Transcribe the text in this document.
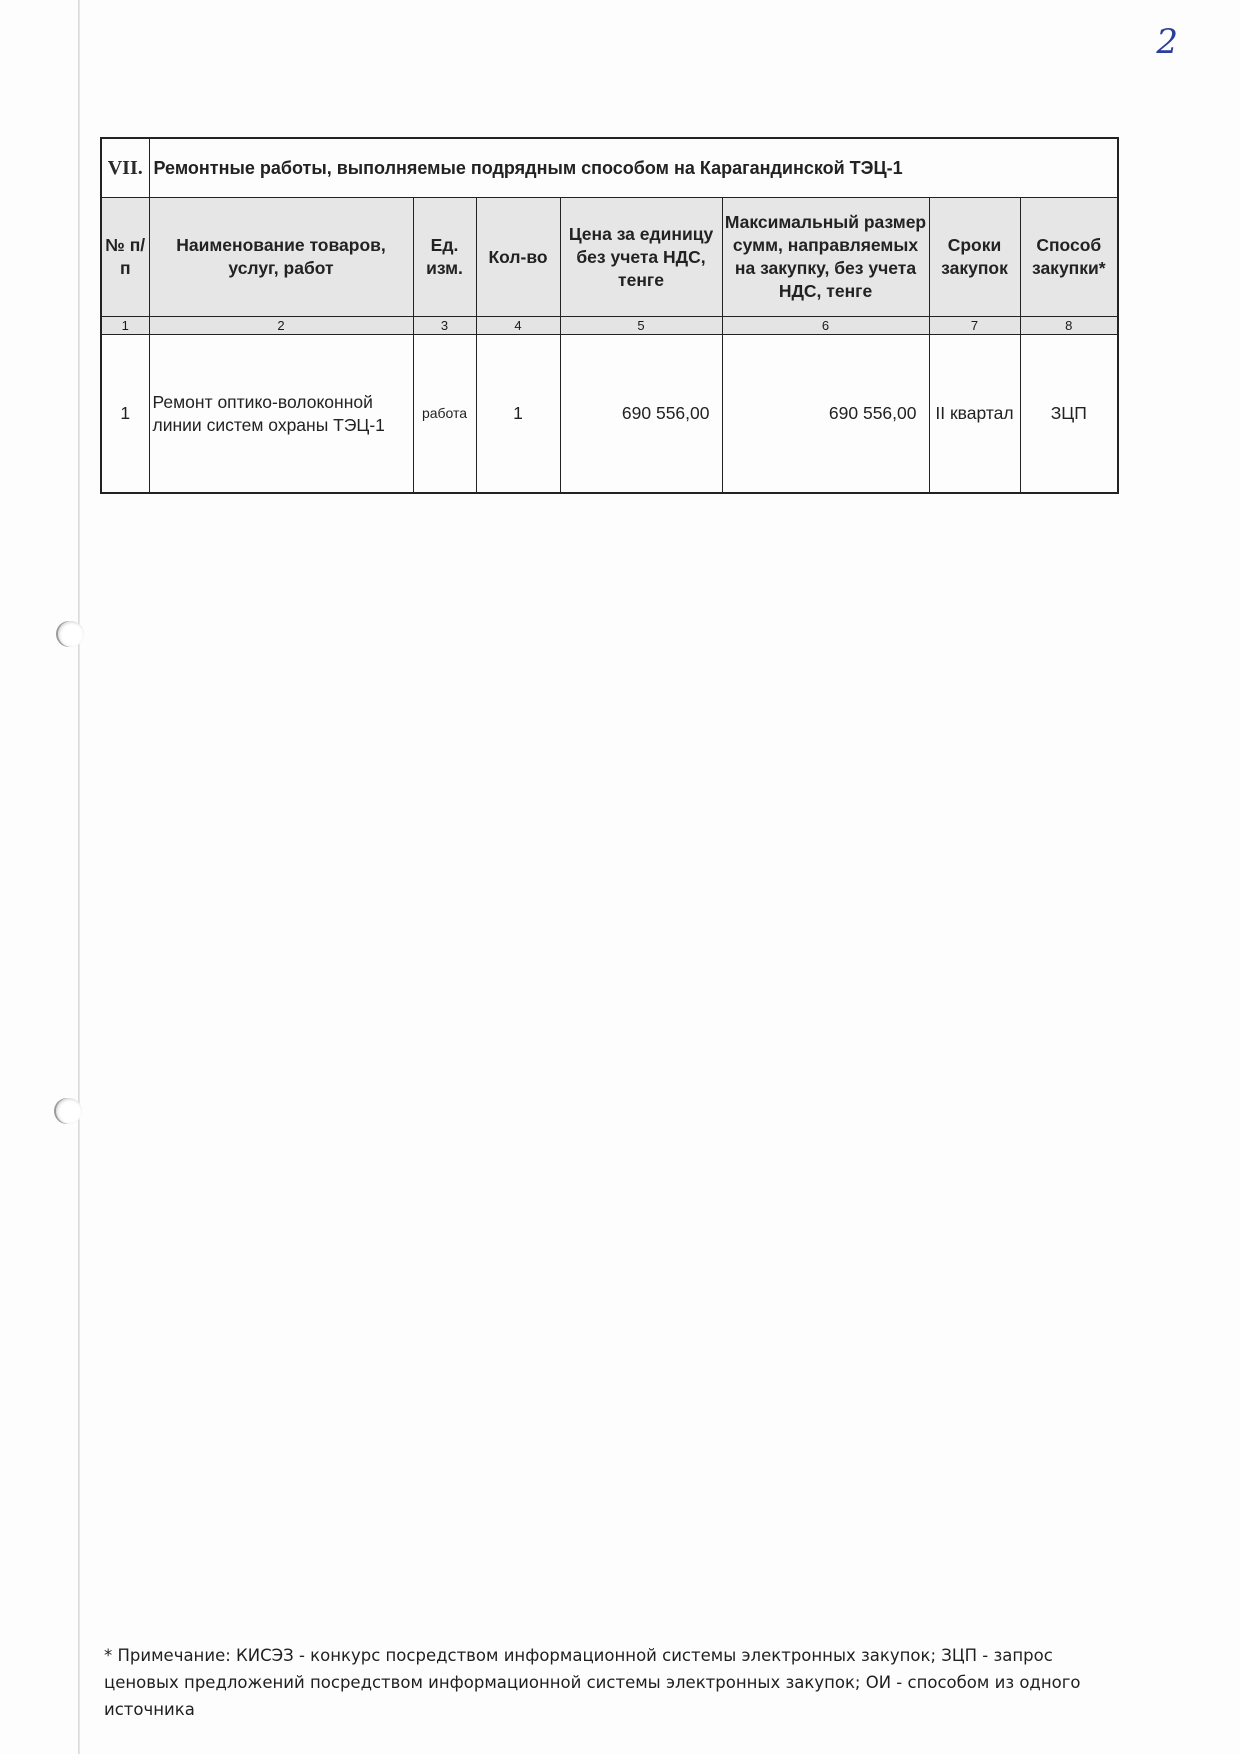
2
VII.	Ремонтные работы, выполняемые подрядным способом на Карагандинской ТЭЦ-1						
№ п/п	Наименование товаров, услуг, работ	Ед. изм.	Кол-во	Цена за единицу без учета НДС, тенге	Максимальный размер сумм, направляемых на закупку, без учета НДС, тенге	Сроки закупок	Способ закупки*
1	2	3	4	5	6	7	8
1	Ремонт оптико-волоконной линии систем охраны ТЭЦ-1	работа	1	690 556,00	690 556,00	II квартал	ЗЦП
* Примечание: КИСЭЗ - конкурс посредством информационной системы электронных закупок; ЗЦП - запрос ценовых предложений посредством информационной системы электронных закупок; ОИ - способом из одного источника
